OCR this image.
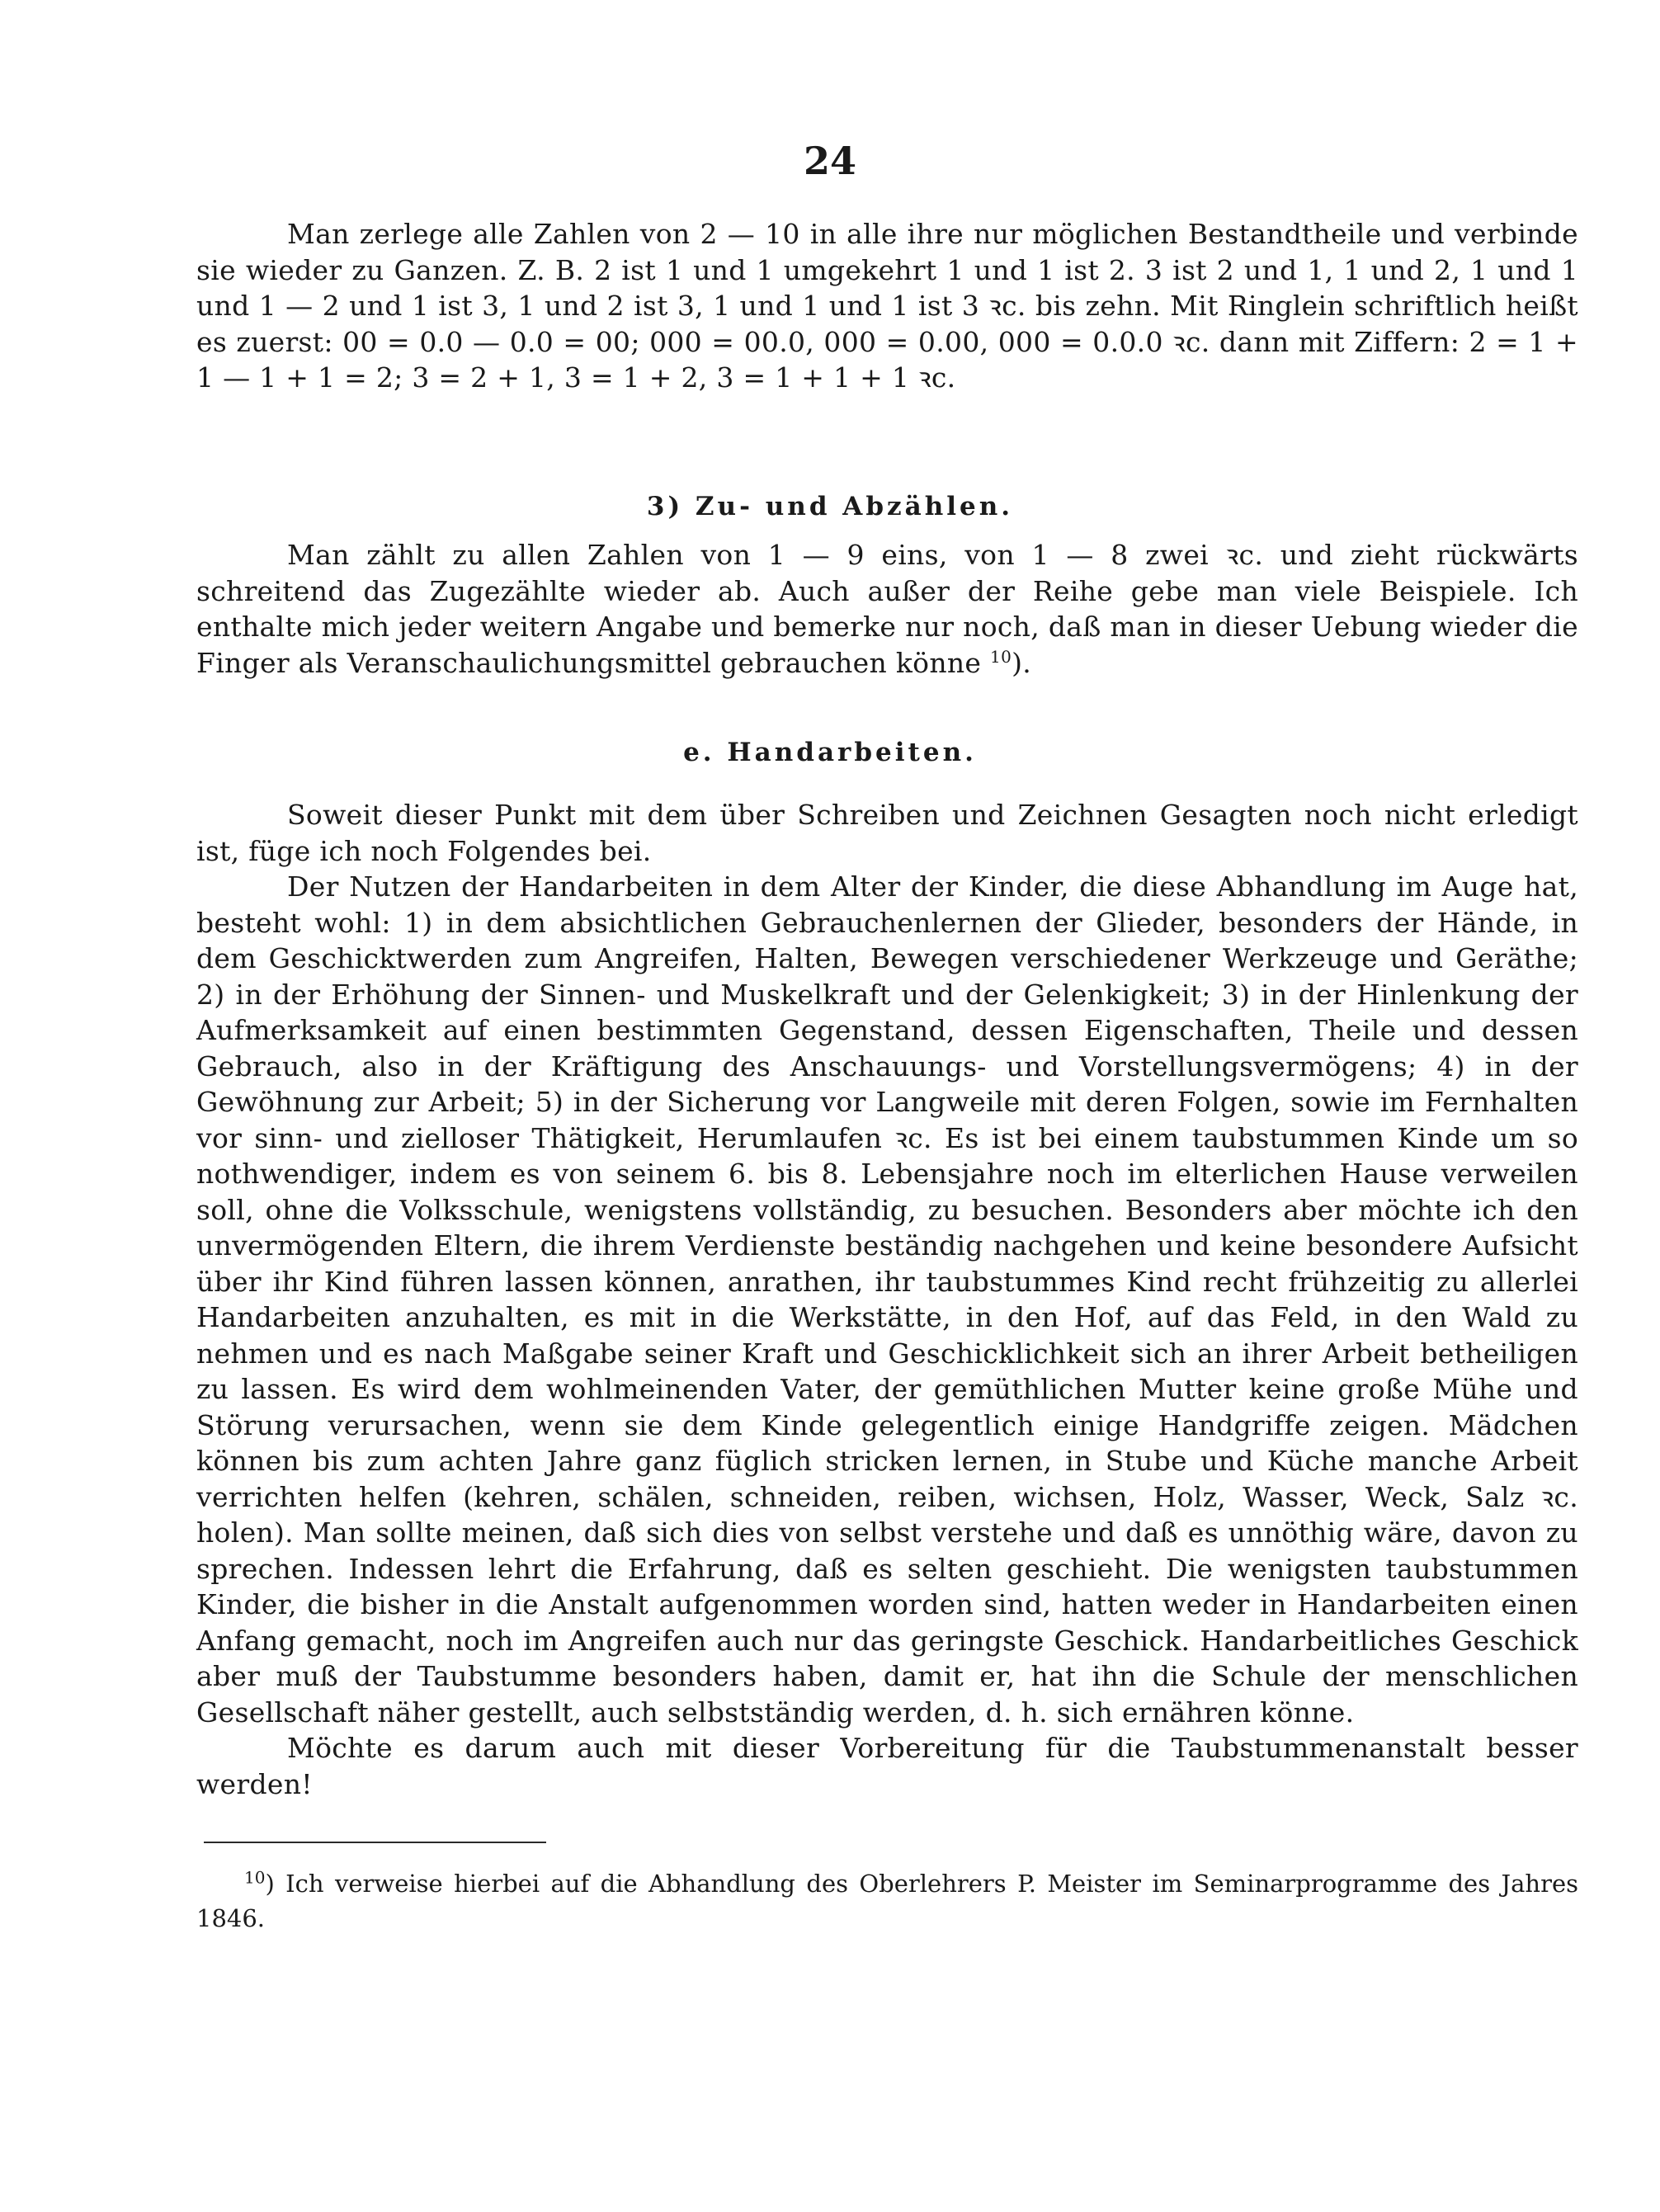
24

Man zerlege alle Zahlen von 2 — 10 in alle ihre nur möglichen Bestandtheile und verbinde sie wieder zu Ganzen. Z. B. 2 ist 1 und 1 umgekehrt 1 und 1 ist 2. 3 ist 2 und 1, 1 und 2, 1 und 1 und 1 — 2 und 1 ist 3, 1 und 2 ist 3, 1 und 1 und 1 ist 3 ꝛc. bis zehn. Mit Ringlein schriftlich heißt es zuerst: 00 = 0.0 — 0.0 = 00; 000 = 00.0, 000 = 0.00, 000 = 0.0.0 ꝛc. dann mit Ziffern: 2 = 1 + 1 — 1 + 1 = 2; 3 = 2 + 1, 3 = 1 + 2, 3 = 1 + 1 + 1 ꝛc.

3) Zu- und Abzählen.

Man zählt zu allen Zahlen von 1 — 9 eins, von 1 — 8 zwei ꝛc. und zieht rückwärts schreitend das Zugezählte wieder ab. Auch außer der Reihe gebe man viele Beispiele. Ich enthalte mich jeder weitern Angabe und bemerke nur noch, daß man in dieser Uebung wieder die Finger als Veranschaulichungsmittel gebrauchen könne $^{10}$).

e. Handarbeiten.

Soweit dieser Punkt mit dem über Schreiben und Zeichnen Gesagten noch nicht erledigt ist, füge ich noch Folgendes bei.

Der Nutzen der Handarbeiten in dem Alter der Kinder, die diese Abhandlung im Auge hat, besteht wohl: 1) in dem absichtlichen Gebrauchenlernen der Glieder, besonders der Hände, in dem Geschicktwerden zum Angreifen, Halten, Bewegen verschiedener Werkzeuge und Geräthe; 2) in der Erhöhung der Sinnen- und Muskelkraft und der Gelenkigkeit; 3) in der Hinlenkung der Aufmerksamkeit auf einen bestimmten Gegenstand, dessen Eigenschaften, Theile und dessen Gebrauch, also in der Kräftigung des Anschauungs- und Vorstellungsvermögens; 4) in der Gewöhnung zur Arbeit; 5) in der Sicherung vor Langweile mit deren Folgen, sowie im Fernhalten vor sinn- und zielloser Thätigkeit, Herumlaufen ꝛc. Es ist bei einem taubstummen Kinde um so nothwendiger, indem es von seinem 6. bis 8. Lebensjahre noch im elterlichen Hause verweilen soll, ohne die Volksschule, wenigstens vollständig, zu besuchen. Besonders aber möchte ich den unvermögenden Eltern, die ihrem Verdienste beständig nachgehen und keine besondere Aufsicht über ihr Kind führen lassen können, anrathen, ihr taubstummes Kind recht frühzeitig zu allerlei Handarbeiten anzuhalten, es mit in die Werkstätte, in den Hof, auf das Feld, in den Wald zu nehmen und es nach Maßgabe seiner Kraft und Geschicklichkeit sich an ihrer Arbeit betheiligen zu lassen. Es wird dem wohlmeinenden Vater, der gemüthlichen Mutter keine große Mühe und Störung verursachen, wenn sie dem Kinde gelegentlich einige Handgriffe zeigen. Mädchen können bis zum achten Jahre ganz füglich stricken lernen, in Stube und Küche manche Arbeit verrichten helfen (kehren, schälen, schneiden, reiben, wichsen, Holz, Wasser, Weck, Salz ꝛc. holen). Man sollte meinen, daß sich dies von selbst verstehe und daß es unnöthig wäre, davon zu sprechen. Indessen lehrt die Erfahrung, daß es selten geschieht. Die wenigsten taubstummen Kinder, die bisher in die Anstalt aufgenommen worden sind, hatten weder in Handarbeiten einen Anfang gemacht, noch im Angreifen auch nur das geringste Geschick. Handarbeitliches Geschick aber muß der Taubstumme besonders haben, damit er, hat ihn die Schule der menschlichen Gesellschaft näher gestellt, auch selbstständig werden, d. h. sich ernähren könne.

Möchte es darum auch mit dieser Vorbereitung für die Taubstummenanstalt besser werden!

$^{10}$) Ich verweise hierbei auf die Abhandlung des Oberlehrers P. Meister im Seminarprogramme des Jahres 1846.
